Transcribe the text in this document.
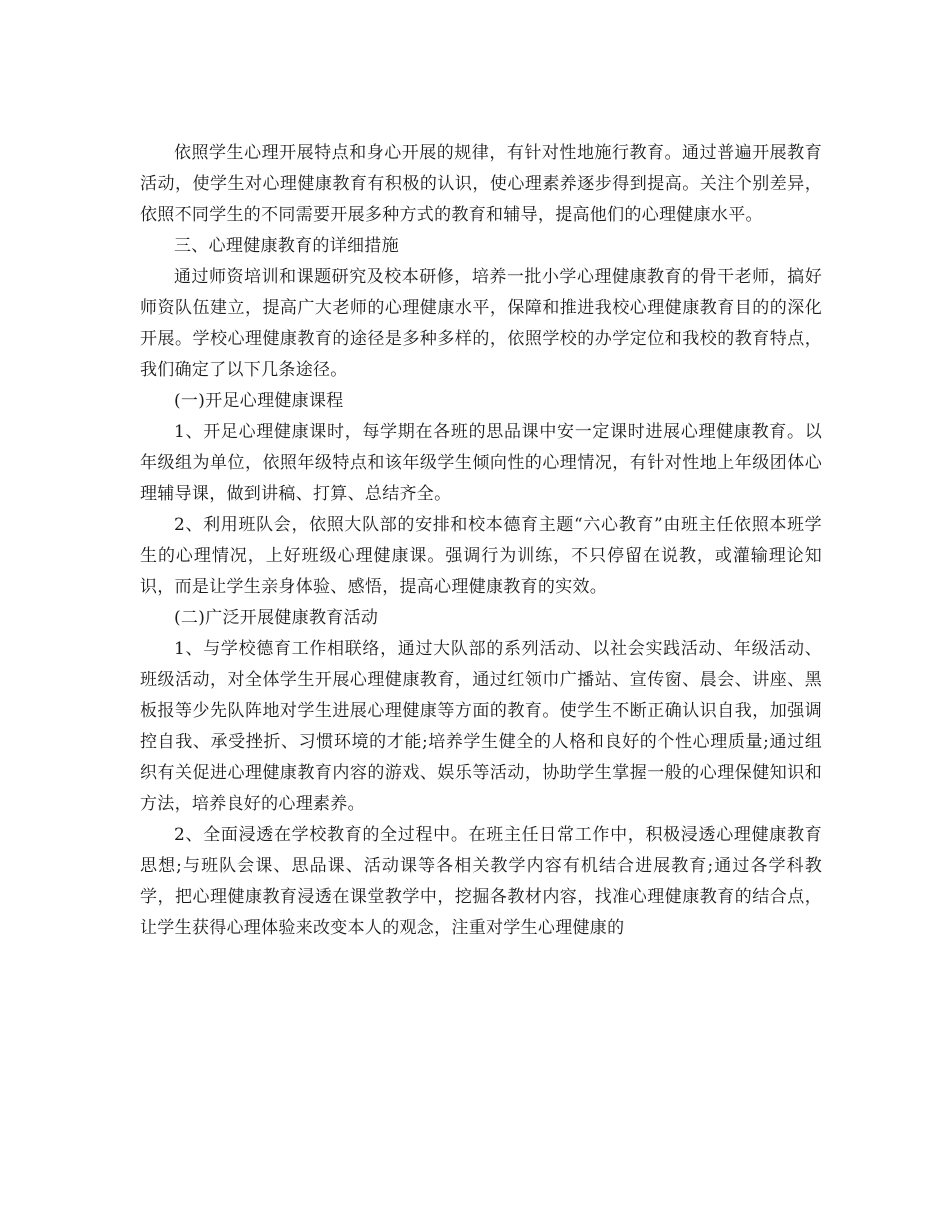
依照学生心理开展特点和身心开展的规律，有针对性地施行教育。通过普遍开展教育活动，使学生对心理健康教育有积极的认识，使心理素养逐步得到提高。关注个别差异，依照不同学生的不同需要开展多种方式的教育和辅导，提高他们的心理健康水平。

三、心理健康教育的详细措施

通过师资培训和课题研究及校本研修，培养一批小学心理健康教育的骨干老师，搞好师资队伍建立，提高广大老师的心理健康水平，保障和推进我校心理健康教育目的的深化开展。学校心理健康教育的途径是多种多样的，依照学校的办学定位和我校的教育特点，我们确定了以下几条途径。

(一)开足心理健康课程

1、开足心理健康课时，每学期在各班的思品课中安一定课时进展心理健康教育。以年级组为单位，依照年级特点和该年级学生倾向性的心理情况，有针对性地上年级团体心理辅导课，做到讲稿、打算、总结齐全。

2、利用班队会，依照大队部的安排和校本德育主题“六心教育”由班主任依照本班学生的心理情况，上好班级心理健康课。强调行为训练，不只停留在说教，或灌输理论知识，而是让学生亲身体验、感悟，提高心理健康教育的实效。

(二)广泛开展健康教育活动

1、与学校德育工作相联络，通过大队部的系列活动、以社会实践活动、年级活动、班级活动，对全体学生开展心理健康教育，通过红领巾广播站、宣传窗、晨会、讲座、黑板报等少先队阵地对学生进展心理健康等方面的教育。使学生不断正确认识自我，加强调控自我、承受挫折、习惯环境的才能;培养学生健全的人格和良好的个性心理质量;通过组织有关促进心理健康教育内容的游戏、娱乐等活动，协助学生掌握一般的心理保健知识和方法，培养良好的心理素养。

2、全面浸透在学校教育的全过程中。在班主任日常工作中，积极浸透心理健康教育思想;与班队会课、思品课、活动课等各相关教学内容有机结合进展教育;通过各学科教学，把心理健康教育浸透在课堂教学中，挖掘各教材内容，找准心理健康教育的结合点，让学生获得心理体验来改变本人的观念，注重对学生心理健康的
